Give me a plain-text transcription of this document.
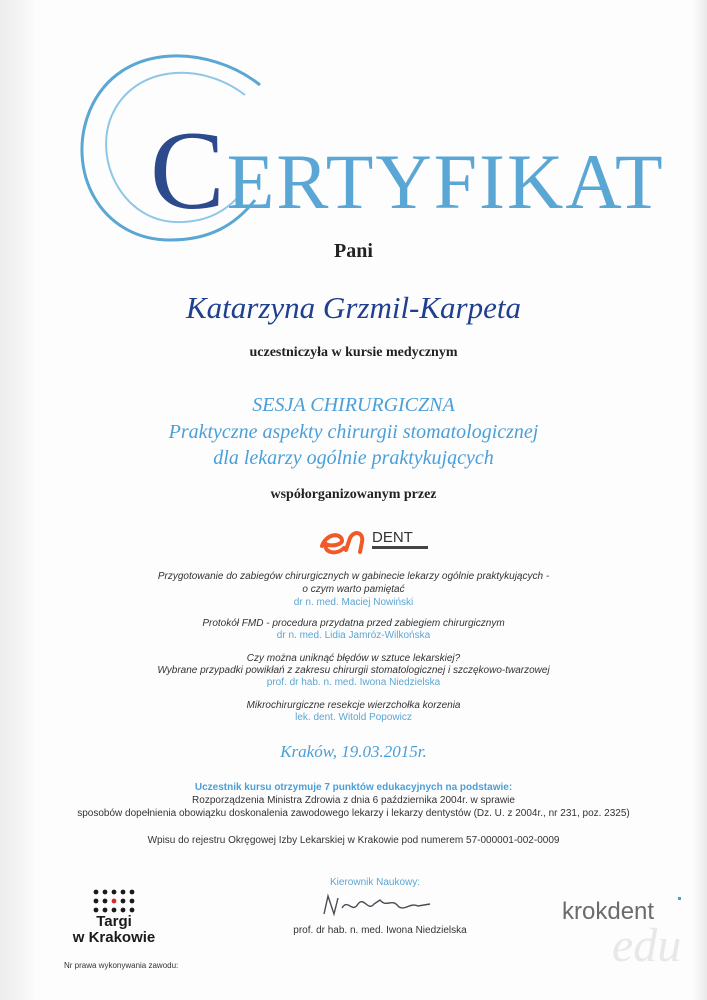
CERTYFIKAT
Pani
Katarzyna Grzmil-Karpeta
uczestniczyła w kursie medycznym
SESJA CHIRURGICZNA
Praktyczne aspekty chirurgii stomatologicznej
dla lekarzy ogólnie praktykujących
współorganizowanym przez
DENT
Przygotowanie do zabiegów chirurgicznych w gabinecie lekarzy ogólnie praktykujących -
o czym warto pamiętać
dr n. med. Maciej Nowiński
Protokół FMD - procedura przydatna przed zabiegiem chirurgicznym
dr n. med. Lidia Jamróz-Wilkońska
Czy można uniknąć błędów w sztuce lekarskiej?
Wybrane przypadki powikłań z zakresu chirurgii stomatologicznej i szczękowo-twarzowej
prof. dr hab. n. med. Iwona Niedzielska
Mikrochirurgiczne resekcje wierzchołka korzenia
lek. dent. Witold Popowicz
Kraków, 19.03.2015r.
Uczestnik kursu otrzymuje 7 punktów edukacyjnych na podstawie:
Rozporządzenia Ministra Zdrowia z dnia 6 października 2004r. w sprawie
sposobów dopełnienia obowiązku doskonalenia zawodowego lekarzy i lekarzy dentystów (Dz. U. z 2004r., nr 231, poz. 2325)
Wpisu do rejestru Okręgowej Izby Lekarskiej w Krakowie pod numerem 57-000001-002-0009
Targi
w Krakowie
Nr prawa wykonywania zawodu:
Kierownik Naukowy:
prof. dr hab. n. med. Iwona Niedzielska	edu
krokdent
